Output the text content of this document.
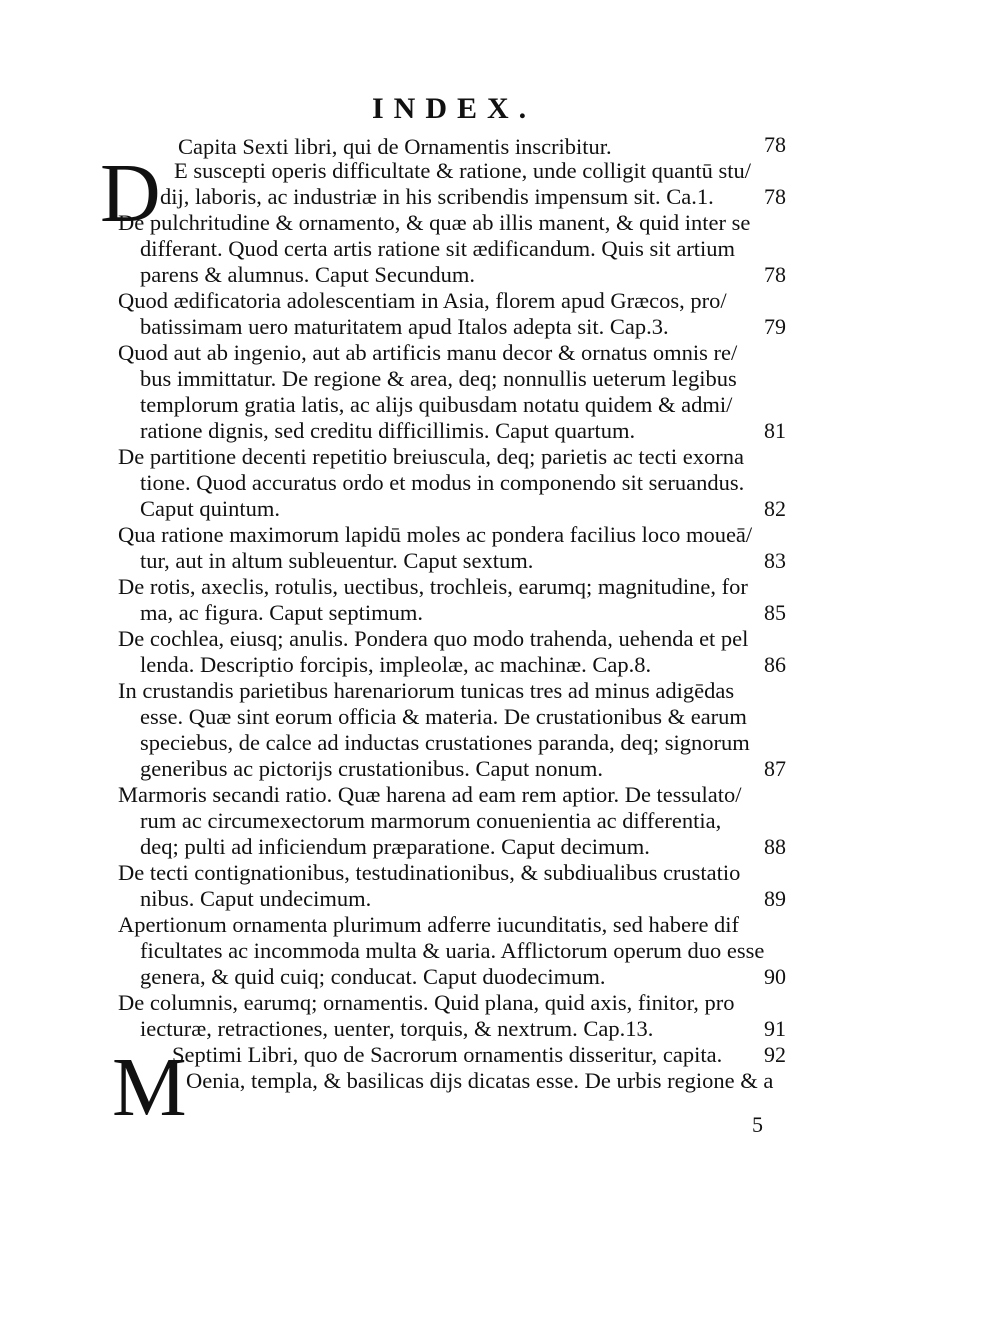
INDEX.
Capita Sexti libri, qui de Ornamentis inscribitur.	78
D E suscepti operis difficultate & ratione, unde colligit quantū stu/
dij, laboris, ac industriæ in his scribendis impensum sit. Ca.1. 78
De pulchritudine & ornamento, & quæ ab illis manent, & quid inter se
differant. Quod certa artis ratione sit ædificandum. Quis sit artium
parens & alumnus. Caput Secundum.	78
Quod ædificatoria adolescentiam in Asia, florem apud Græcos, pro/
batissimam uero maturitatem apud Italos adepta sit. Cap.3.	79
Quod aut ab ingenio, aut ab artificis manu decor & ornatus omnis re/
bus immittatur. De regione & area, deq; nonnullis ueterum legibus
templorum gratia latis, ac alijs quibusdam notatu quidem & admi/
ratione dignis, sed creditu difficillimis. Caput quartum.	81
De partitione decenti repetitio breiuscula, deq; parietis ac tecti exorna
tione. Quod accuratus ordo et modus in componendo sit seruandus.
Caput quintum.	82
Qua ratione maximorum lapidū moles ac pondera facilius loco moueā/
tur, aut in altum subleuentur. Caput sextum.	83
De rotis, axeclis, rotulis, uectibus, trochleis, earumq; magnitudine, for
ma, ac figura. Caput septimum.	85
De cochlea, eiusq; anulis. Pondera quo modo trahenda, uehenda et pel
lenda. Descriptio forcipis, impleolæ, ac machinæ. Cap.8.	86
In crustandis parietibus harenariorum tunicas tres ad minus adigēdas
esse. Quæ sint eorum officia & materia. De crustationibus & earum
speciebus, de calce ad inductas crustationes paranda, deq; signorum
generibus ac pictorijs crustationibus. Caput nonum.	87
Marmoris secandi ratio. Quæ harena ad eam rem aptior. De tessulato/
rum ac circumexectorum marmorum conuenientia ac differentia,
deq; pulti ad inficiendum præparatione. Caput decimum.	88
De tecti contignationibus, testudinationibus, & subdiualibus crustatio
nibus. Caput undecimum.	89
Apertionum ornamenta plurimum adferre iucunditatis, sed habere dif
ficultates ac incommoda multa & uaria. Afflictorum operum duo esse
genera, & quid cuiq; conducat. Caput duodecimum.	90
De columnis, earumq; ornamentis. Quid plana, quid axis, finitor, pro
iecturæ, retractiones, uenter, torquis, & nextrum. Cap.13.	91
Septimi Libri, quo de Sacrorum ornamentis disseritur, capita. 92
M Oenia, templa, & basilicas dijs dicatas esse. De urbis regione & a
5
